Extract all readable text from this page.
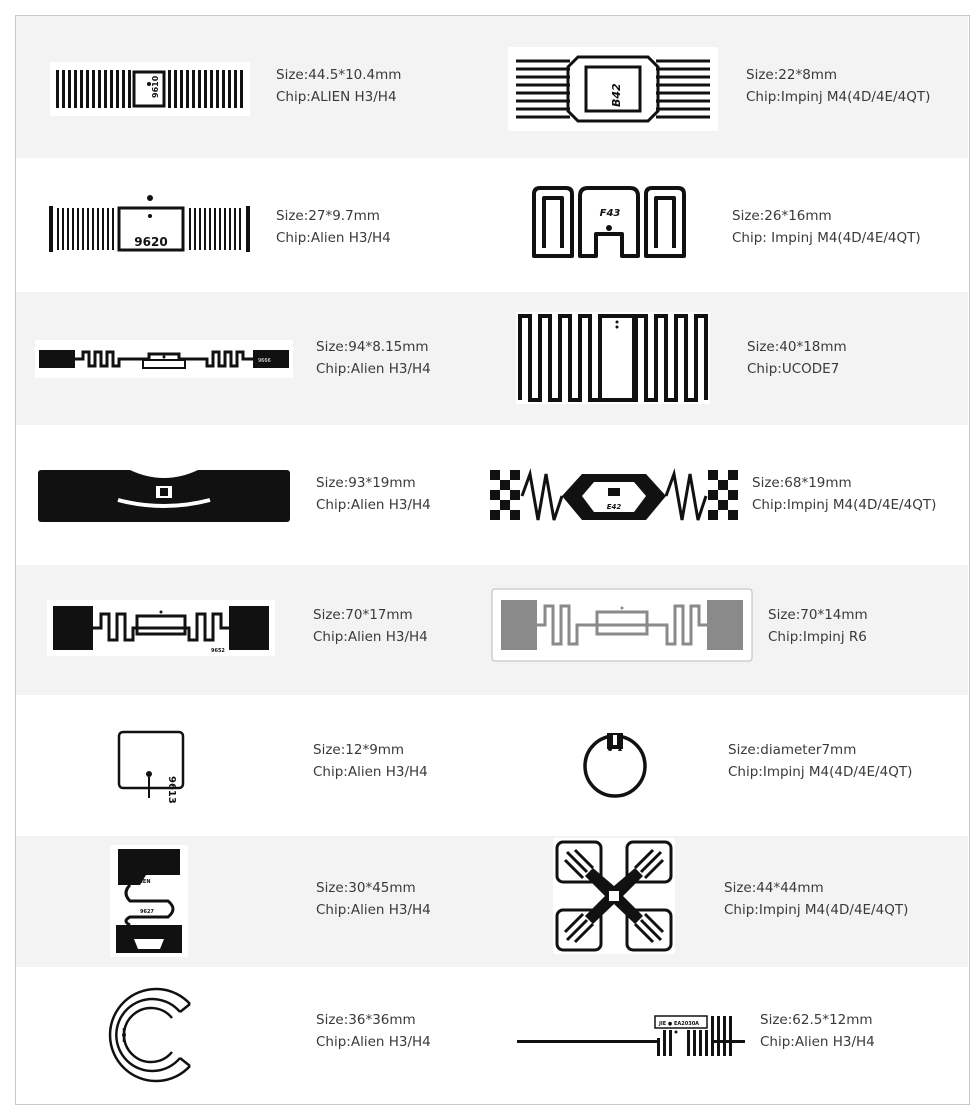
9610
Size:44.5*10.4mm
Chip:ALIEN H3/H4	B42
Size:22*8mm
Chip:Impinj M4(4D/4E/4QT)
9620
Size:27*9.7mm
Chip:Alien H3/H4
F43	Size:26*16mm
Chip: Impinj M4(4D/4E/4QT)
9666
Size:94*8.15mm
Chip:Alien H3/H4
Size:40*18mm
Chip:UCODE7
Size:93*19mm
Chip:Alien H3/H4	E42
Size:68*19mm
Chip:Impinj M4(4D/4E/4QT)
9652
Size:70*17mm
Chip:Alien H3/H4
Size:70*14mm
Chip:Impinj R6
9613
Size:12*9mm
Chip:Alien H3/H4
Size:diameter7mm
Chip:Impinj M4(4D/4E/4QT)
ALIEN
9627
Size:30*45mm
Chip:Alien H3/H4
Size:44*44mm
Chip:Impinj M4(4D/4E/4QT)
Size:36*36mm
Chip:Alien H3/H4
JIE ● EA2030A	Size:62.5*12mm
Chip:Alien H3/H4
